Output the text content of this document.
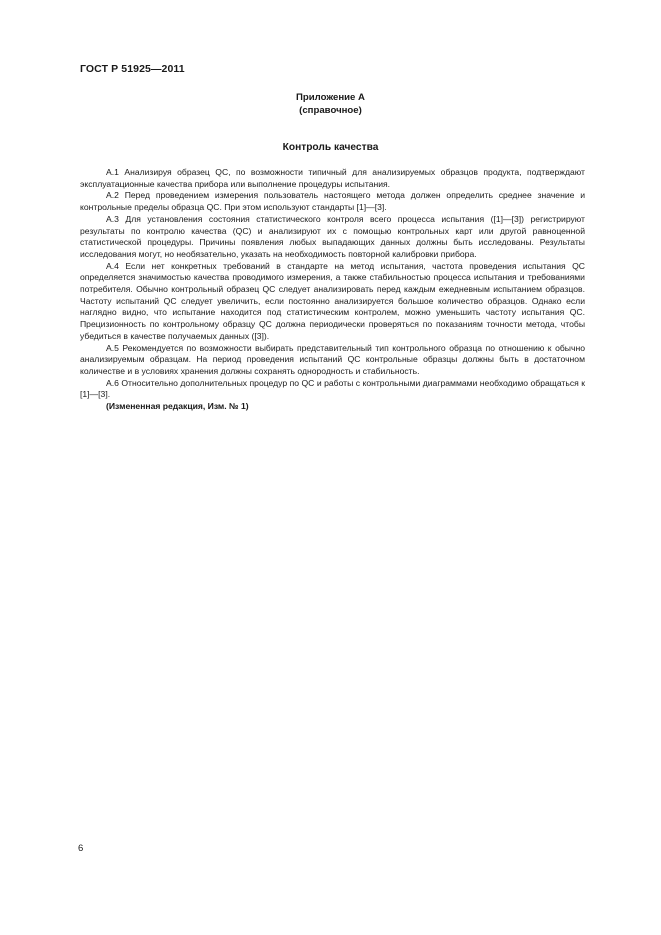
ГОСТ Р 51925—2011
Приложение А
(справочное)
Контроль качества

А.1 Анализируя образец QC, по возможности типичный для анализируемых образцов продукта, подтверждают эксплуатационные качества прибора или выполнение процедуры испытания.

А.2 Перед проведением измерения пользователь настоящего метода должен определить среднее значение и контрольные пределы образца QC. При этом используют стандарты [1]—[3].

А.3 Для установления состояния статистического контроля всего процесса испытания ([1]—[3]) регистрируют результаты по контролю качества (QC) и анализируют их с помощью контрольных карт или другой равноценной статистической процедуры. Причины появления любых выпадающих данных должны быть исследованы. Результаты исследования могут, но необязательно, указать на необходимость повторной калибровки прибора.

А.4 Если нет конкретных требований в стандарте на метод испытания, частота проведения испытания QC определяется значимостью качества проводимого измерения, а также стабильностью процесса испытания и требованиями потребителя. Обычно контрольный образец QC следует анализировать перед каждым ежедневным испытанием образцов. Частоту испытаний QC следует увеличить, если постоянно анализируется большое количество образцов. Однако если наглядно видно, что испытание находится под статистическим контролем, можно уменьшить частоту испытания QC. Прецизионность по контрольному образцу QC должна периодически проверяться по показаниям точности метода, чтобы убедиться в качестве получаемых данных ([3]).

А.5 Рекомендуется по возможности выбирать представительный тип контрольного образца по отношению к обычно анализируемым образцам. На период проведения испытаний QC контрольные образцы должны быть в достаточном количестве и в условиях хранения должны сохранять однородность и стабильность.

А.6 Относительно дополнительных процедур по QC и работы с контрольными диаграммами необходимо обращаться к [1]—[3].

(Измененная редакция, Изм. № 1)

6
